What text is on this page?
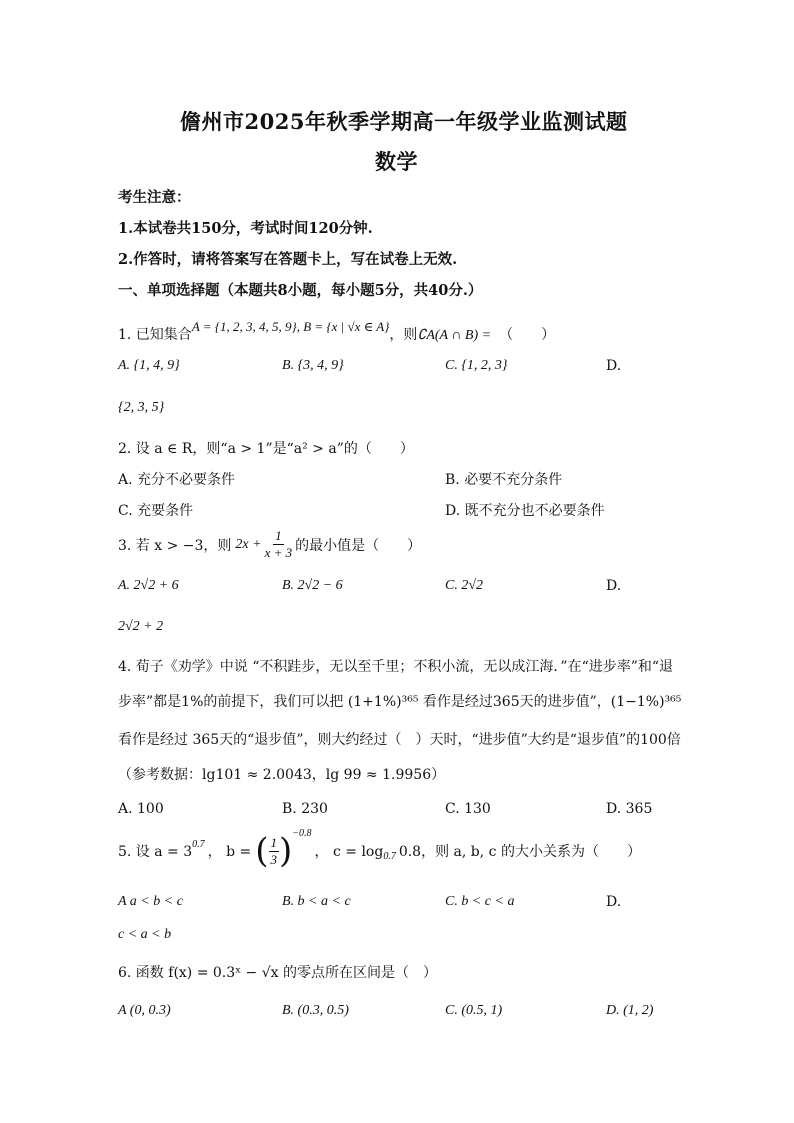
儋州市2025年秋季学期高一年级学业监测试题
数学
考生注意：
1.本试卷共150分，考试时间120分钟.
2.作答时，请将答案写在答题卡上，写在试卷上无效.
一、单项选择题（本题共8小题，每小题5分，共40分.）
1. 已知集合A = {1, 2, 3, 4, 5, 9}, B = {x | √x ∈ A}，则∁A(A ∩ B) = （　　）
A. {1, 4, 9}	B. {3, 4, 9}	C. {1, 2, 3}	D.
{2, 3, 5}
2. 设 a ∈ R，则“a > 1”是“a² > a”的（　　）
A. 充分不必要条件	B. 必要不充分条件
C. 充要条件	D. 既不充分也不必要条件
3. 若 x > −3，则 $2x + \frac{1}{x + 3}$ 的最小值是（　　）
A. 2√2 + 6	B. 2√2 − 6	C. 2√2	D.
2√2 + 2
4. 荀子《劝学》中说 “不积跬步，无以至千里；不积小流，无以成江海．”在“进步率”和“退
步率”都是1%的前提下，我们可以把 (1+1%)³⁶⁵ 看作是经过365天的进步值”，(1−1%)³⁶⁵
看作是经过 365天的“退步值”，则大约经过（　）天时，“进步值”大约是“退步值”的100倍
（参考数据：lg101 ≈ 2.0043，lg 99 ≈ 1.9956）
A. 100	B. 230	C. 130	D. 365
5. 设 $a = 3^{0.7}$ ， b = ( $\frac{1}{3} )^{-0.8}$
， $c = \log_{0.7} 0.8$，则 a, b, c 的大小关系为（　　）
A a < b < c	B. b < a < c	C. b < c < a	D.
c < a < b
6. 函数 f(x) = 0.3ˣ − √x 的零点所在区间是（　）
A (0, 0.3)	B. (0.3, 0.5)	C. (0.5, 1)	D. (1, 2)
